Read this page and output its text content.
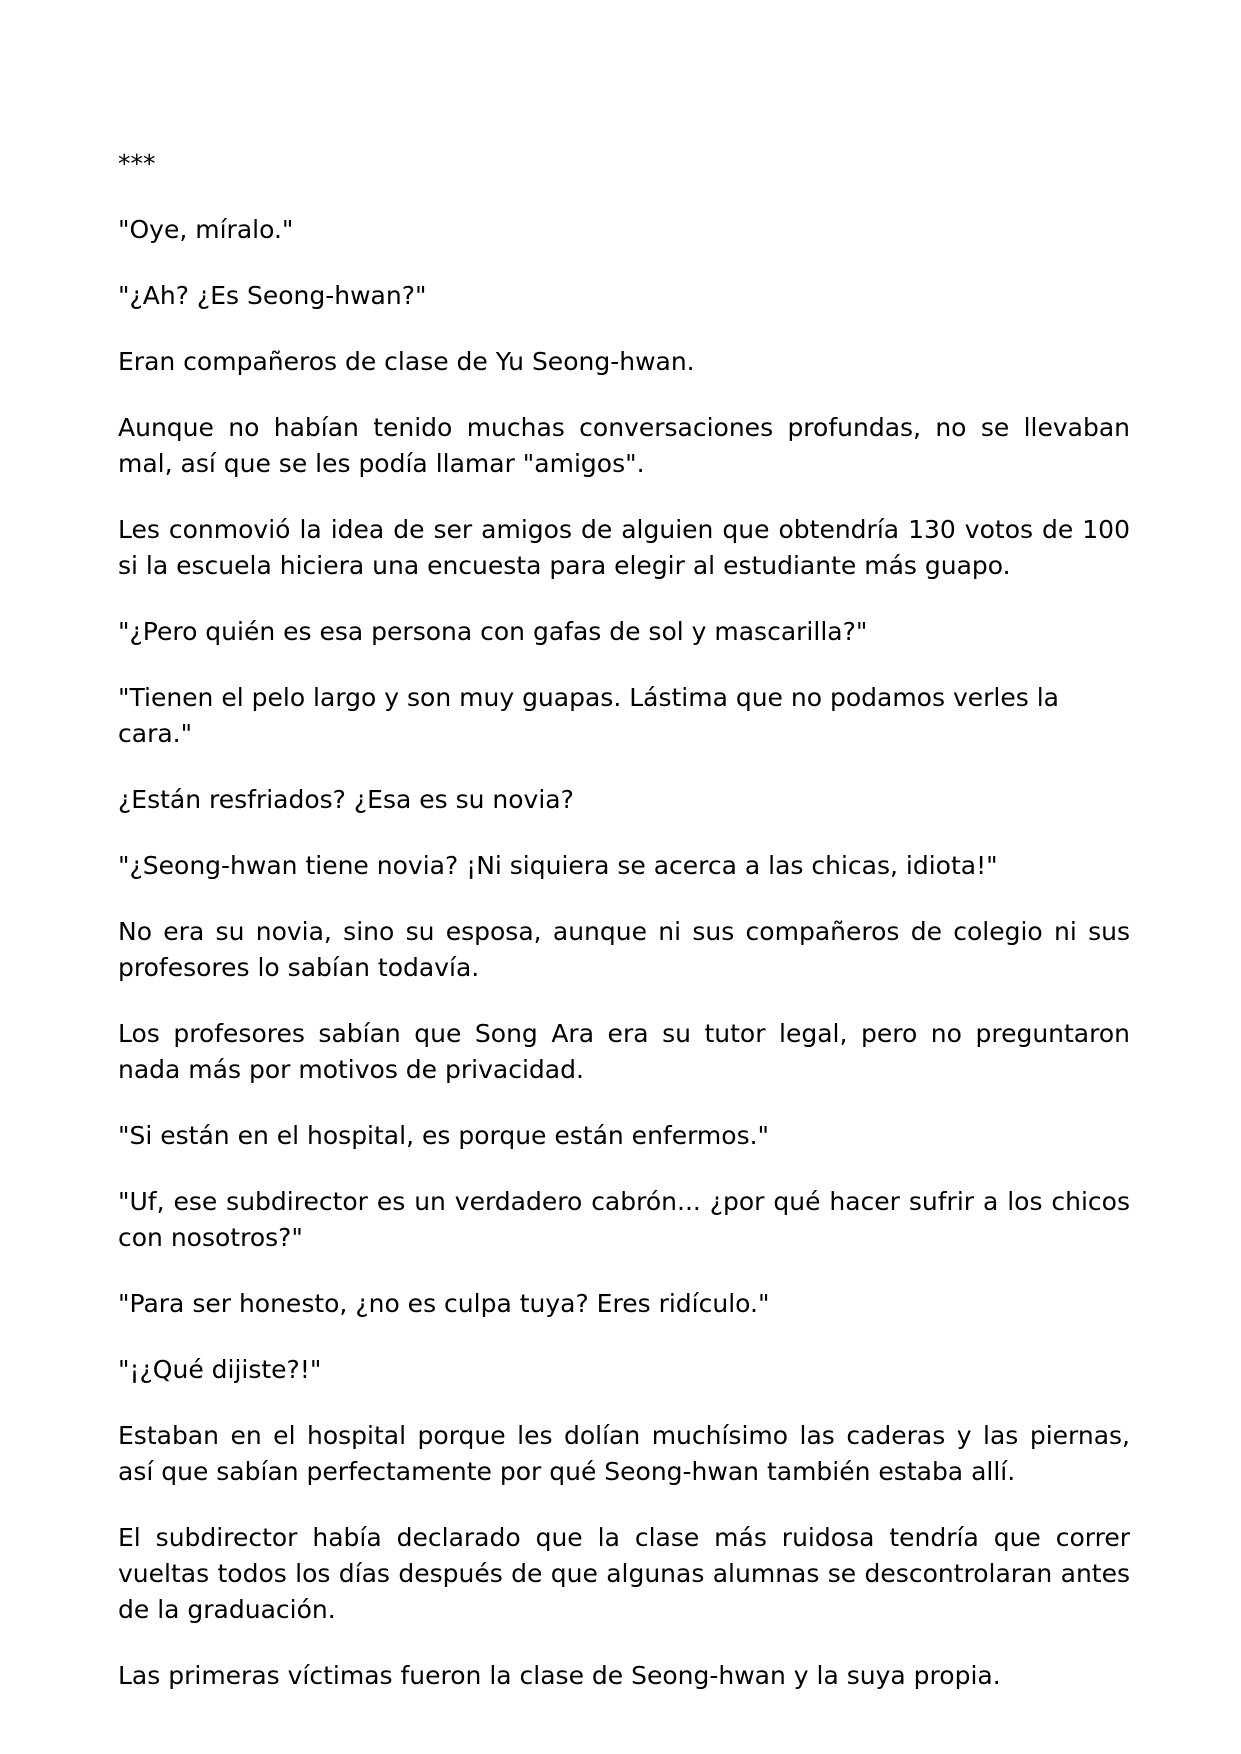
***

"Oye, míralo."

"¿Ah? ¿Es Seong-hwan?"

Eran compañeros de clase de Yu Seong-hwan.

Aunque no habían tenido muchas conversaciones profundas, no se llevaban mal, así que se les podía llamar "amigos".

Les conmovió la idea de ser amigos de alguien que obtendría 130 votos de 100 si la escuela hiciera una encuesta para elegir al estudiante más guapo.

"¿Pero quién es esa persona con gafas de sol y mascarilla?"

"Tienen el pelo largo y son muy guapas. Lástima que no podamos verles la cara."

¿Están resfriados? ¿Esa es su novia?

"¿Seong-hwan tiene novia? ¡Ni siquiera se acerca a las chicas, idiota!"

No era su novia, sino su esposa, aunque ni sus compañeros de colegio ni sus profesores lo sabían todavía.

Los profesores sabían que Song Ara era su tutor legal, pero no preguntaron nada más por motivos de privacidad.

"Si están en el hospital, es porque están enfermos."

"Uf, ese subdirector es un verdadero cabrón... ¿por qué hacer sufrir a los chicos con nosotros?"

"Para ser honesto, ¿no es culpa tuya? Eres ridículo."

"¡¿Qué dijiste?!"

Estaban en el hospital porque les dolían muchísimo las caderas y las piernas, así que sabían perfectamente por qué Seong-hwan también estaba allí.

El subdirector había declarado que la clase más ruidosa tendría que correr vueltas todos los días después de que algunas alumnas se descontrolaran antes de la graduación.

Las primeras víctimas fueron la clase de Seong-hwan y la suya propia.
